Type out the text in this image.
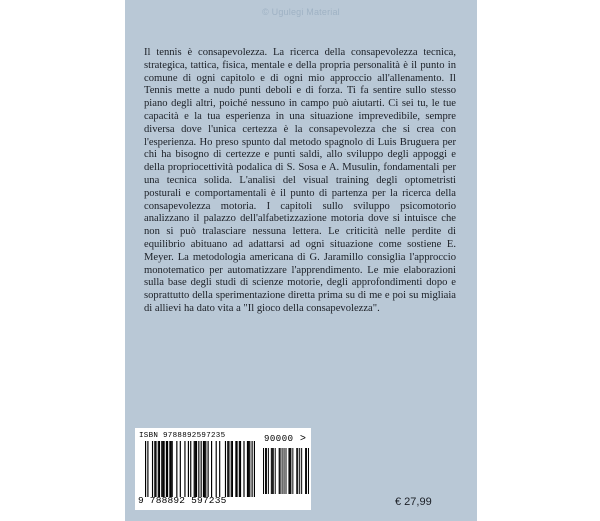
© Ugulegi Material

Il tennis è consapevolezza. La ricerca della consapevolezza tecnica, strategica, tattica, fisica, mentale e della propria personalità è il punto in comune di ogni capitolo e di ogni mio approccio all'allenamento. Il Tennis mette a nudo punti deboli e di forza. Ti fa sentire sullo stesso piano degli altri, poiché nessuno in campo può aiutarti. Ci sei tu, le tue capacità e la tua esperienza in una situazione imprevedibile, sempre diversa dove l'unica certezza è la consapevolezza che si crea con l'esperienza. Ho preso spunto dal metodo spagnolo di Luis Bruguera per chi ha bisogno di certezze e punti saldi, allo sviluppo degli appoggi e della propriocettività podalica di S. Sosa e A. Musulin, fondamentali per una tecnica solida. L'analisi del visual training degli optometristi posturali e comportamentali è il punto di partenza per la ricerca della consapevolezza motoria. I capitoli sullo sviluppo psicomotorio analizzano il palazzo dell'alfabetizzazione motoria dove si intuisce che non si può tralasciare nessuna lettera. Le criticità nelle perdite di equilibrio abituano ad adattarsi ad ogni situazione come sostiene E. Meyer. La metodologia americana di G. Jaramillo consiglia l'approccio monotematico per automatizzare l'apprendimento. Le mie elaborazioni sulla base degli studi di scienze motorie, degli approfondimenti dopo e soprattutto della sperimentazione diretta prima su di me e poi su migliaia di allievi ha dato vita a "Il gioco della consapevolezza".

ISBN 9788892597235	90000 >
9 788892 597235	€ 27,99
